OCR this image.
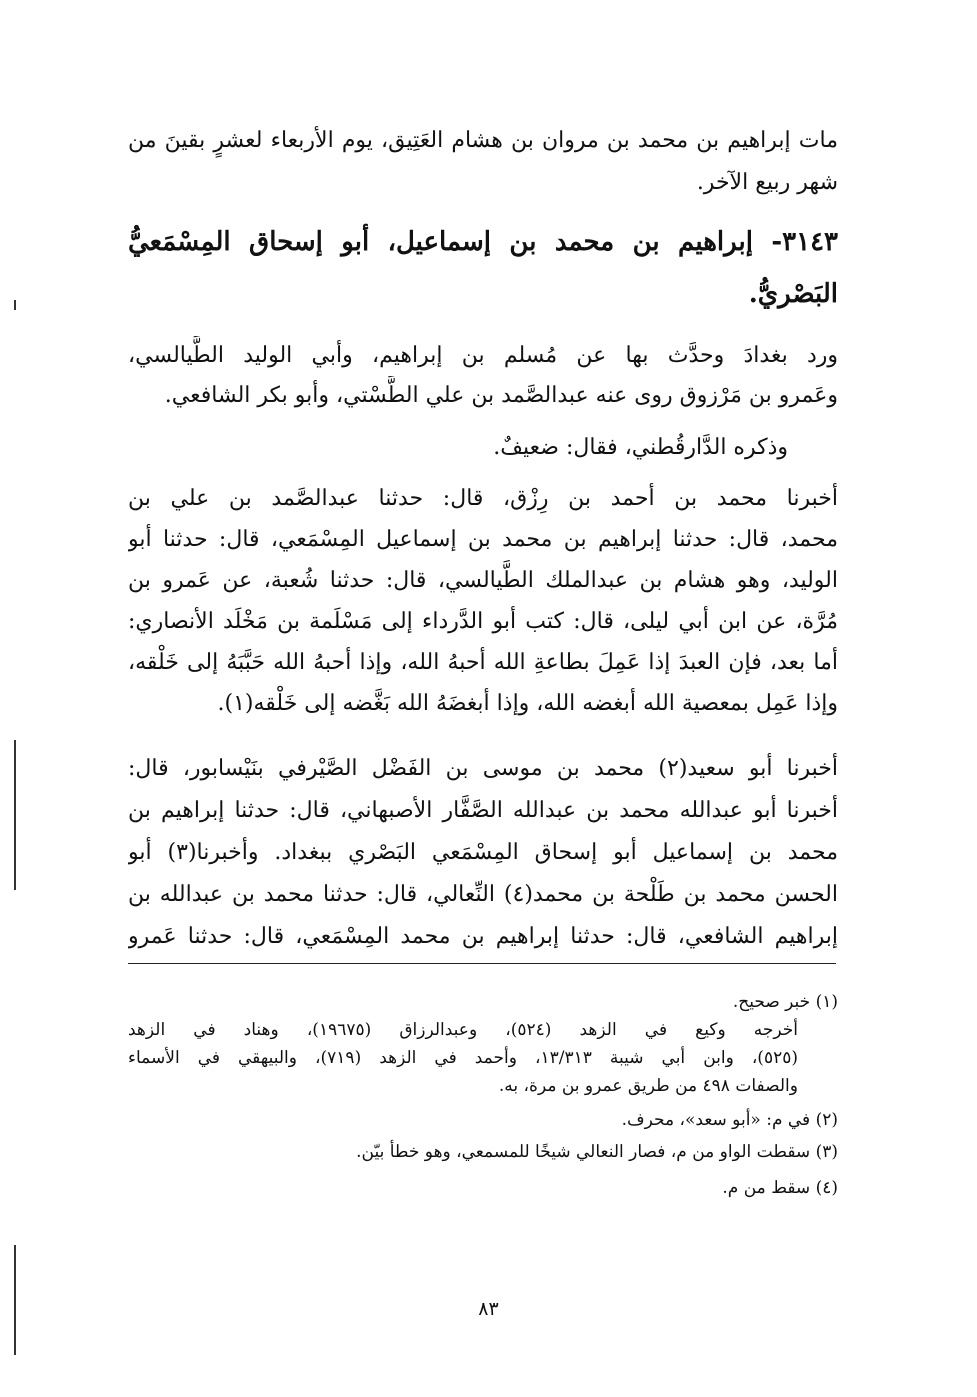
مات إبراهيم بن محمد بن مروان بن هشام العَتِيق، يوم الأربعاء لعشرٍ بقينَ من
شهر ربيع الآخر.
٣١٤٣- إبراهيم بن محمد بن إسماعيل، أبو إسحاق المِسْمَعيُّ
البَصْريُّ.
ورد بغدادَ وحدَّث بها عن مُسلم بن إبراهيم، وأبي الوليد الطَّيالسي،
وعَمرو بن مَرْزوق روى عنه عبدالصَّمد بن علي الطَّسْتي، وأبو بكر الشافعي.
وذكره الدَّارقُطني، فقال: ضعيفٌ.
أخبرنا محمد بن أحمد بن رِزْق، قال: حدثنا عبدالصَّمد بن علي بن
محمد، قال: حدثنا إبراهيم بن محمد بن إسماعيل المِسْمَعي، قال: حدثنا أبو
الوليد، وهو هشام بن عبدالملك الطَّيالسي، قال: حدثنا شُعبة، عن عَمرو بن
مُرَّة، عن ابن أبي ليلى، قال: كتب أبو الدَّرداء إلى مَسْلَمة بن مَخْلَد الأنصاري:
أما بعد، فإن العبدَ إذا عَمِلَ بطاعةِ الله أحبهُ الله، وإذا أحبهُ الله حَبَّبَهُ إلى خَلْقه،
وإذا عَمِل بمعصية الله أبغضه الله، وإذا أبغضَهُ الله بَغَّضه إلى خَلْقه(١).
أخبرنا أبو سعيد(٢) محمد بن موسى بن الفَضْل الصَّيْرفي بنَيْسابور، قال:
أخبرنا أبو عبدالله محمد بن عبدالله الصَّفَّار الأصبهاني، قال: حدثنا إبراهيم بن
محمد بن إسماعيل أبو إسحاق المِسْمَعي البَصْري ببغداد. وأخبرنا(٣) أبو
الحسن محمد بن طَلْحة بن محمد(٤) النِّعالي، قال: حدثنا محمد بن عبدالله بن
إبراهيم الشافعي، قال: حدثنا إبراهيم بن محمد المِسْمَعي، قال: حدثنا عَمرو
(١) خبر صحيح.
أخرجه وكيع في الزهد (٥٢٤)، وعبدالرزاق (١٩٦٧٥)، وهناد في الزهد
(٥٢٥)، وابن أبي شيبة ١٣/٣١٣، وأحمد في الزهد (٧١٩)، والبيهقي في الأسماء
والصفات ٤٩٨ من طريق عمرو بن مرة، به.
(٢) في م: «أبو سعد»، محرف.
(٣) سقطت الواو من م، فصار النعالي شيخًا للمسمعي، وهو خطأ بيّن.
(٤) سقط من م.
٨٣
